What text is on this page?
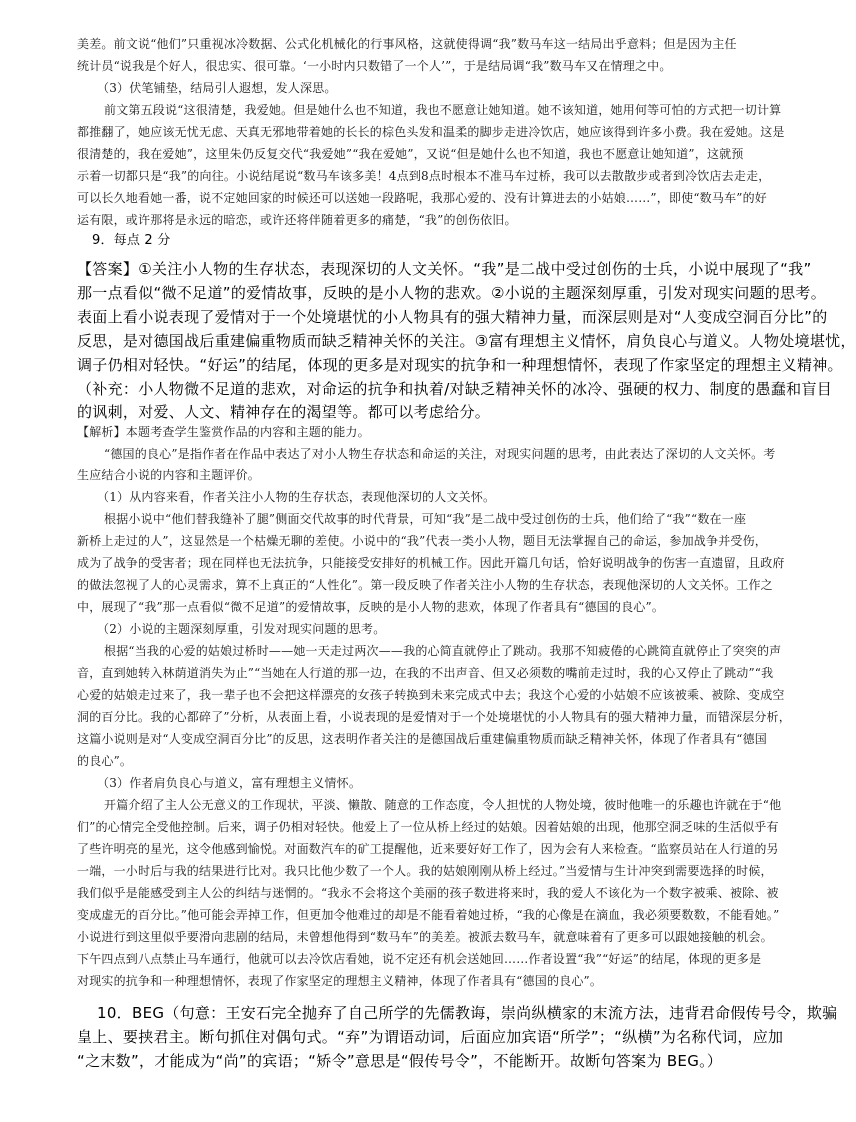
美差。前文说“他们”只重视冰冷数据、公式化机械化的行事风格，这就使得调“我”数马车这一结局出乎意料；但是因为主任
统计员“说我是个好人，很忠实、很可靠。‘一小时内只数错了一个人’”，于是结局调“我”数马车又在情理之中。
（3）伏笔铺垫，结局引人遐想，发人深思。
前文第五段说“这很清楚，我爱她。但是她什么也不知道，我也不愿意让她知道。她不该知道，她用何等可怕的方式把一切计算
都推翻了，她应该无忧无虑、天真无邪地带着她的长长的棕色头发和温柔的脚步走进冷饮店，她应该得到许多小费。我在爱她。这是
很清楚的，我在爱她”，这里朱仍反复交代“我爱她”“我在爱她”，又说“但是她什么也不知道，我也不愿意让她知道”，这就预
示着一切都只是“我”的向往。小说结尾说“数马车该多美！4点到8点时根本不准马车过桥，我可以去散散步或者到冷饮店去走走，
可以长久地看她一番，说不定她回家的时候还可以送她一段路呢，我那心爱的、没有计算进去的小姑娘……”，即使“数马车”的好
运有限，或许那将是永远的暗恋，或许还将伴随着更多的痛楚，“我”的创伤依旧。
9．每点 2 分
【答案】①关注小人物的生存状态，表现深切的人文关怀。“我”是二战中受过创伤的士兵，小说中展现了“我”
那一点看似“微不足道”的爱情故事，反映的是小人物的悲欢。②小说的主题深刻厚重，引发对现实问题的思考。
表面上看小说表现了爱情对于一个处境堪忧的小人物具有的强大精神力量，而深层则是对“人变成空洞百分比”的
反思，是对德国战后重建偏重物质而缺乏精神关怀的关注。③富有理想主义情怀，肩负良心与道义。人物处境堪忧，
调子仍相对轻快。“好运”的结尾，体现的更多是对现实的抗争和一种理想情怀，表现了作家坚定的理想主义精神。
（补充：小人物微不足道的悲欢，对命运的抗争和执着/对缺乏精神关怀的冰冷、强硬的权力、制度的愚蠢和盲目
的讽刺，对爱、人文、精神存在的渴望等。都可以考虑给分。
【解析】本题考查学生鉴赏作品的内容和主题的能力。
“德国的良心”是指作者在作品中表达了对小人物生存状态和命运的关注，对现实问题的思考，由此表达了深切的人文关怀。考
生应结合小说的内容和主题评价。
（1）从内容来看，作者关注小人物的生存状态，表现他深切的人文关怀。
根据小说中“他们替我缝补了腿”侧面交代故事的时代背景，可知“我”是二战中受过创伤的士兵，他们给了“我”“数在一座
新桥上走过的人”，这显然是一个枯燥无聊的差使。小说中的“我”代表一类小人物，题目无法掌握自己的命运，参加战争并受伤，
成为了战争的受害者；现在同样也无法抗争，只能接受安排好的机械工作。因此开篇几句话，恰好说明战争的伤害一直遗留，且政府
的做法忽视了人的心灵需求，算不上真正的“人性化”。第一段反映了作者关注小人物的生存状态，表现他深切的人文关怀。工作之
中，展现了“我”那一点看似“微不足道”的爱情故事，反映的是小人物的悲欢，体现了作者具有“德国的良心”。
（2）小说的主题深刻厚重，引发对现实问题的思考。
根据“当我的心爱的姑娘过桥时——她一天走过两次——我的心简直就停止了跳动。我那不知疲倦的心跳简直就停止了突突的声
音，直到她转入林荫道消失为止”“当她在人行道的那一边，在我的不出声音、但又必须数的嘴前走过时，我的心又停止了跳动”“我
心爱的姑娘走过来了，我一辈子也不会把这样漂亮的女孩子转换到未来完成式中去；我这个心爱的小姑娘不应该被乘、被除、变成空
洞的百分比。我的心都碎了”分析，从表面上看，小说表现的是爱情对于一个处境堪忧的小人物具有的强大精神力量，而错深层分析，
这篇小说则是对“人变成空洞百分比”的反思，这表明作者关注的是德国战后重建偏重物质而缺乏精神关怀，体现了作者具有“德国
的良心”。
（3）作者肩负良心与道义，富有理想主义情怀。
开篇介绍了主人公无意义的工作现状，平淡、懒散、随意的工作态度，令人担忧的人物处境，彼时他唯一的乐趣也许就在于“他
们”的心情完全受他控制。后来，调子仍相对轻快。他爱上了一位从桥上经过的姑娘。因着姑娘的出现，他那空洞乏味的生活似乎有
了些许明亮的星光，这令他感到愉悦。对面数汽车的矿工提醒他，近来要好好工作了，因为会有人来检查。“监察员站在人行道的另
一端，一小时后与我的结果进行比对。我只比他少数了一个人。我的姑娘刚刚从桥上经过。”当爱情与生计冲突到需要选择的时候，
我们似乎是能感受到主人公的纠结与迷惘的。“我永不会将这个美丽的孩子数进将来时，我的爱人不该化为一个数字被乘、被除、被
变成虚无的百分比。”他可能会弄掉工作，但更加令他难过的却是不能看着她过桥，“我的心像是在滴血，我必须要数数，不能看她。”
小说进行到这里似乎要滑向悲剧的结局，未曾想他得到“数马车”的美差。被派去数马车，就意味着有了更多可以跟她接触的机会。
下午四点到八点禁止马车通行，他就可以去冷饮店看她，说不定还有机会送她回……作者设置“我”“好运”的结尾，体现的更多是
对现实的抗争和一种理想情怀，表现了作家坚定的理想主义精神，体现了作者具有“德国的良心”。
10．BEG（句意：王安石完全抛弃了自己所学的先儒教诲，崇尚纵横家的末流方法，违背君命假传号令，欺骗
皇上、要挟君主。断句抓住对偶句式。“弃”为谓语动词，后面应加宾语“所学”；“纵横”为名称代词，应加
“之末数”，才能成为“尚”的宾语；“矫令”意思是“假传号令”，不能断开。故断句答案为 BEG。）
